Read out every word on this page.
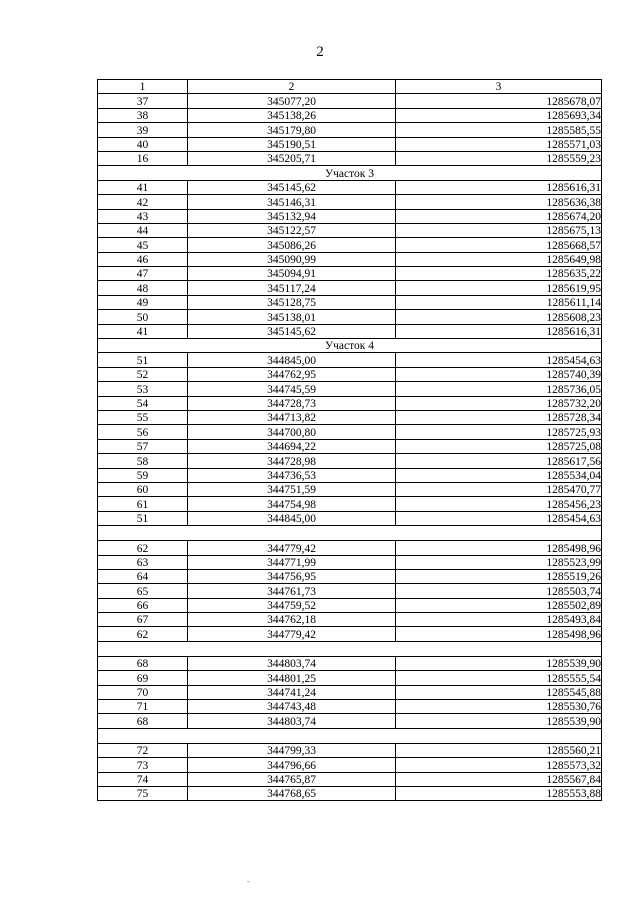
2
1	2	3
37	345077,20	1285678,07
38	345138,26	1285693,34
39	345179,80	1285585,55
40	345190,51	1285571,03
16	345205,71	1285559,23
Участок 3		
41	345145,62	1285616,31
42	345146,31	1285636,38
43	345132,94	1285674,20
44	345122,57	1285675,13
45	345086,26	1285668,57
46	345090,99	1285649,98
47	345094,91	1285635,22
48	345117,24	1285619,95
49	345128,75	1285611,14
50	345138,01	1285608,23
41	345145,62	1285616,31
Участок 4		
51	344845,00	1285454,63
52	344762,95	1285740,39
53	344745,59	1285736,05
54	344728,73	1285732,20
55	344713,82	1285728,34
56	344700,80	1285725,93
57	344694,22	1285725,08
58	344728,98	1285617,56
59	344736,53	1285534,04
60	344751,59	1285470,77
61	344754,98	1285456,23
51	344845,00	1285454,63

62	344779,42	1285498,96
63	344771,99	1285523,99
64	344756,95	1285519,26
65	344761,73	1285503,74
66	344759,52	1285502,89
67	344762,18	1285493,84
62	344779,42	1285498,96

68	344803,74	1285539,90
69	344801,25	1285555,54
70	344741,24	1285545,88
71	344743,48	1285530,76
68	344803,74	1285539,90

72	344799,33	1285560,21
73	344796,66	1285573,32
74	344765,87	1285567,84
75	344768,65	1285553,88
-
